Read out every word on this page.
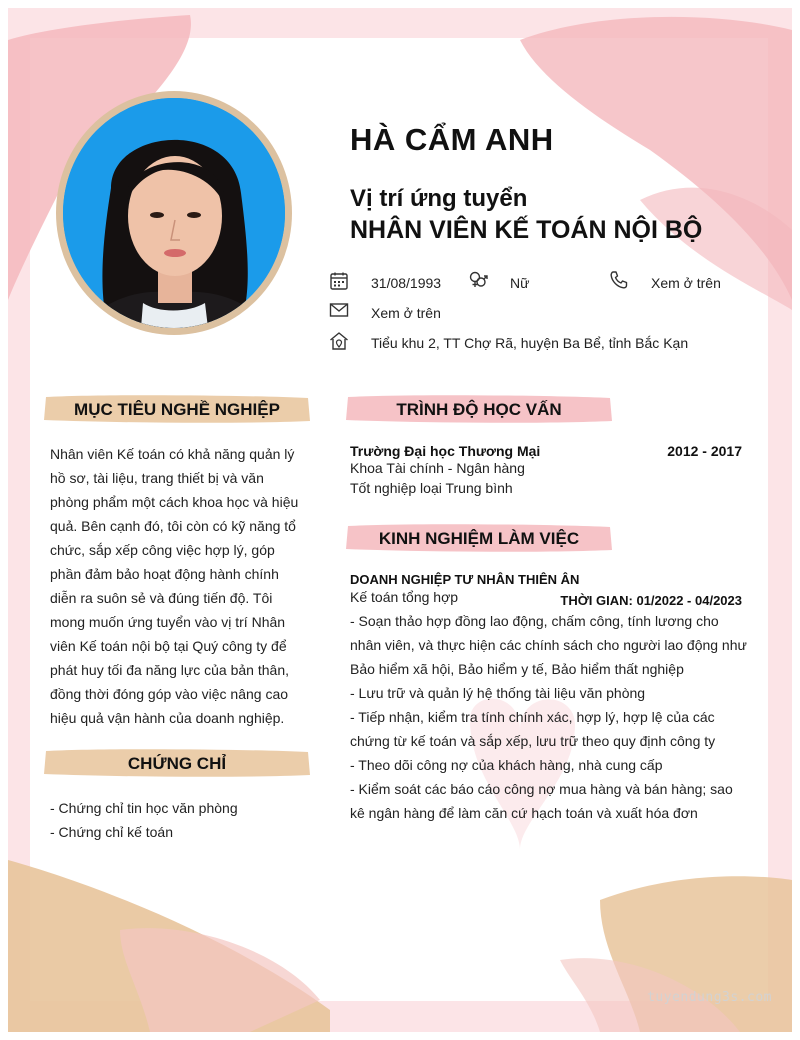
HÀ CẨM ANH
Vị trí ứng tuyển
NHÂN VIÊN KẾ TOÁN NỘI BỘ
31/08/1993	Nữ	Xem ở trên
Xem ở trên
Tiểu khu 2, TT Chợ Rã, huyện Ba Bể, tỉnh Bắc Kạn
MỤC TIÊU NGHỀ NGHIỆP	TRÌNH ĐỘ HỌC VẤN
KINH NGHIỆM LÀM VIỆC
CHỨNG CHỈ
Nhân viên Kế toán có khả năng quản lý hồ sơ, tài liệu, trang thiết bị và văn phòng phẩm một cách khoa học và hiệu quả. Bên cạnh đó, tôi còn có kỹ năng tổ chức, sắp xếp công việc hợp lý, góp phần đảm bảo hoạt động hành chính diễn ra suôn sẻ và đúng tiến độ. Tôi mong muốn ứng tuyển vào vị trí Nhân viên Kế toán nội bộ tại Quý công ty để phát huy tối đa năng lực của bản thân, đồng thời đóng góp vào việc nâng cao hiệu quả vận hành của doanh nghiệp.
- Chứng chỉ tin học văn phòng
- Chứng chỉ kế toán
Trường Đại học Thương Mại	2012 - 2017
Khoa Tài chính - Ngân hàng
Tốt nghiệp loại Trung bình
DOANH NGHIỆP TƯ NHÂN THIÊN ÂN
Kế toán tổng hợp	THỜI GIAN: 01/2022 - 04/2023
- Soạn thảo hợp đồng lao động, chấm công, tính lương cho nhân viên, và thực hiện các chính sách cho người lao động như Bảo hiểm xã hội, Bảo hiểm y tế, Bảo hiểm thất nghiệp
- Lưu trữ và quản lý hệ thống tài liệu văn phòng
- Tiếp nhận, kiểm tra tính chính xác, hợp lý, hợp lệ của các chứng từ kế toán và sắp xếp, lưu trữ theo quy định công ty
- Theo dõi công nợ của khách hàng, nhà cung cấp
- Kiểm soát các báo cáo công nợ mua hàng và bán hàng; sao kê ngân hàng để làm căn cứ hạch toán và xuất hóa đơn
tuyendung3s.com
